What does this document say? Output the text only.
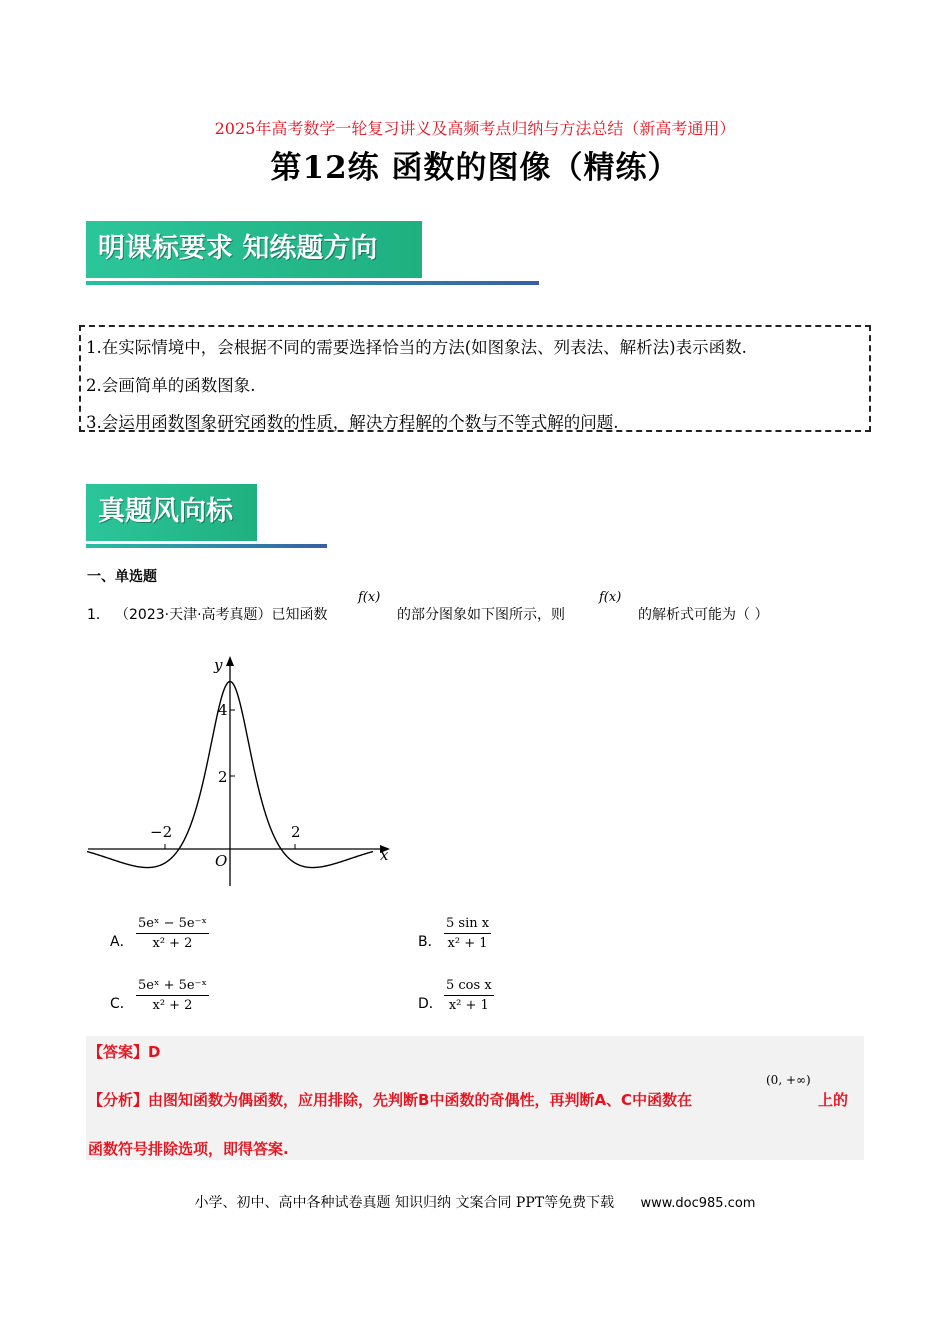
2025年高考数学一轮复习讲义及高频考点归纳与方法总结（新高考通用）
第12练 函数的图像（精练）
明课标要求 知练题方向
1.在实际情境中，会根据不同的需要选择恰当的方法(如图象法、列表法、解析法)表示函数.
2.会画简单的函数图象.
3.会运用函数图象研究函数的性质，解决方程解的个数与不等式解的问题.
真题风向标
一、单选题
1． （2023·天津·高考真题）已知函数
f(x)
的部分图象如下图所示，则
f(x)
的解析式可能为（ ）
y
x
O
4
2
−2	2
A． $\frac{\text{5eˣ − 5e⁻ˣ}}{\text{x² + 2}}$	B． $\frac{\text{5 sin x}}{\text{x² + 1}}$
C． $\frac{\text{5eˣ + 5e⁻ˣ}}{\text{x² + 2}}$	D． $\frac{\text{5 cos x}}{\text{x² + 1}}$
【答案】D
【分析】由图知函数为偶函数，应用排除，先判断B中函数的奇偶性，再判断A、C中函数在
(0, +∞)
上的
函数符号排除选项，即得答案.
小学、初中、高中各种试卷真题 知识归纳 文案合同 PPT等免费下载 www.doc985.com
